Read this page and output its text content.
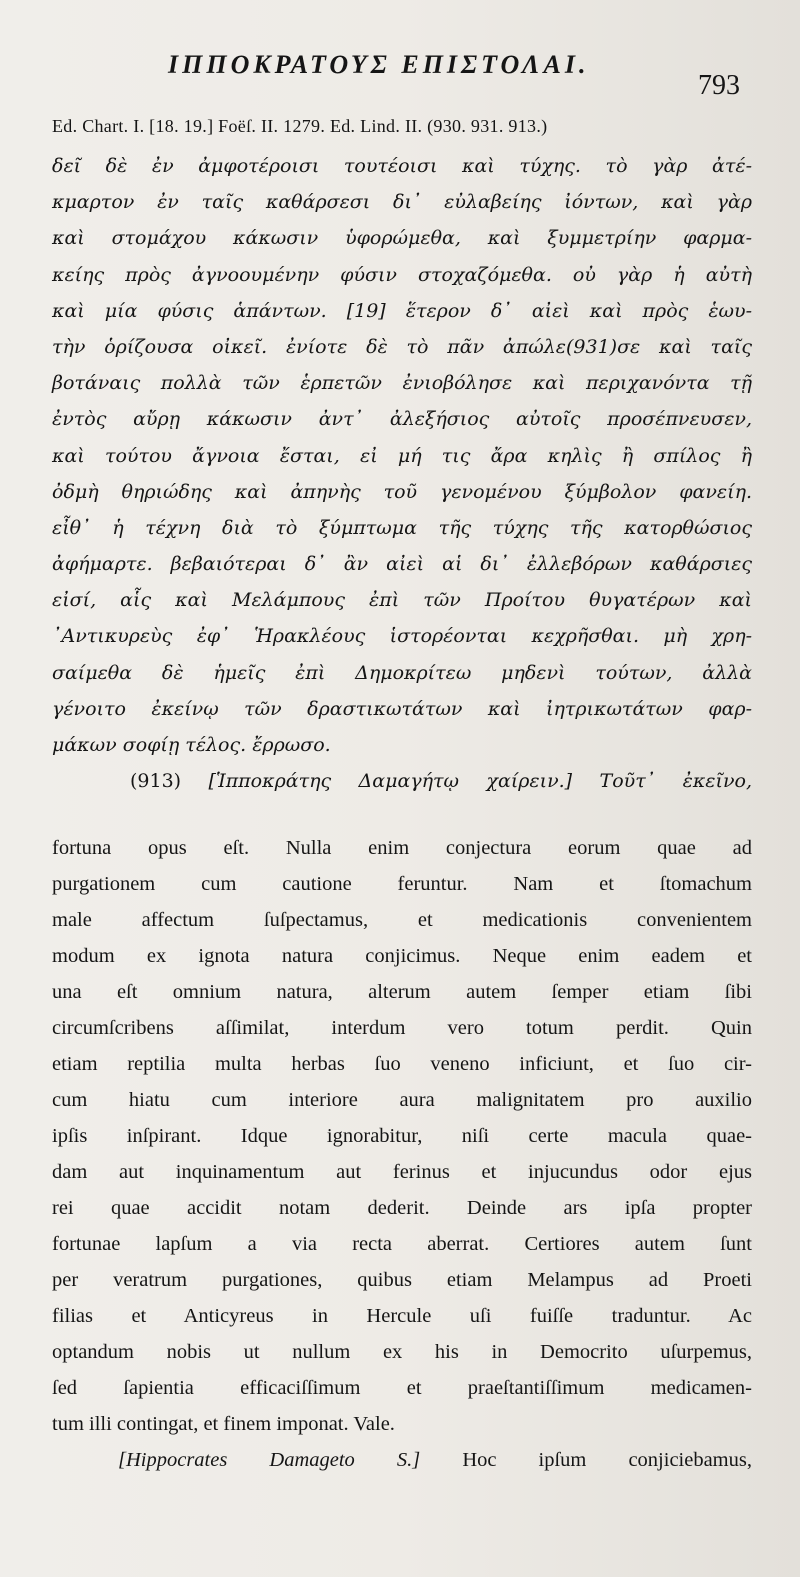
ΙΠΠΟΚΡΑΤΟΥΣ ΕΠΙΣΤΟΛΑΙ.
793
Ed. Chart. I. [18. 19.] Foëſ. II. 1279. Ed. Lind. II. (930. 931. 913.)
δεῖ δὲ ἐν ἀμφοτέροισι τουτέοισι καὶ τύχης. τὸ γὰρ ἀτέ-
κμαρτον ἐν ταῖς καθάρσεσι δι᾽ εὐλαβείης ἰόντων, καὶ γὰρ
καὶ στομάχου κάκωσιν ὑφορώμεθα, καὶ ξυμμετρίην φαρμα-
κείης πρὸς ἀγνοουμένην φύσιν στοχαζόμεθα. οὐ γὰρ ἡ αὐτὴ
καὶ μία φύσις ἁπάντων. [19] ἕτερον δ᾽ αἰεὶ καὶ πρὸς ἑωυ-
τὴν ὁρίζουσα οἰκεῖ. ἐνίοτε δὲ τὸ πᾶν ἀπώλε(931)σε καὶ ταῖς
βοτάναις πολλὰ τῶν ἑρπετῶν ἐνιοβόλησε καὶ περιχανόντα τῇ
ἐντὸς αὔρῃ κάκωσιν ἀντ᾽ ἀλεξήσιος αὐτοῖς προσέπνευσεν,
καὶ τούτου ἄγνοια ἔσται, εἰ μή τις ἄρα κηλὶς ἢ σπίλος ἢ
ὀδμὴ θηριώδης καὶ ἀπηνὴς τοῦ γενομένου ξύμβολον φανείη.
εἶθ᾽ ἡ τέχνη διὰ τὸ ξύμπτωμα τῆς τύχης τῆς κατορθώσιος
ἀφήμαρτε. βεβαιότεραι δ᾽ ἂν αἰεὶ αἱ δι᾽ ἐλλεβόρων καθάρσιες
εἰσί, αἷς καὶ Μελάμπους ἐπὶ τῶν Προίτου θυγατέρων καὶ
᾽Αντικυρεὺς ἐφ᾽ Ἡρακλέους ἱστορέονται κεχρῆσθαι. μὴ χρη-
σαίμεθα δὲ ἡμεῖς ἐπὶ Δημοκρίτεω μηδενὶ τούτων, ἀλλὰ
γένοιτο ἐκείνῳ τῶν δραστικωτάτων καὶ ἰητρικωτάτων φαρ-
μάκων σοφίῃ τέλος. ἔρρωσο.
(913) [Ἱπποκράτης Δαμαγήτῳ χαίρειν.] Τοῦτ᾽ ἐκεῖνο,
fortuna opus eſt. Nulla enim conjectura eorum quae ad
purgationem cum cautione feruntur. Nam et ſtomachum
male affectum ſuſpectamus, et medicationis convenientem
modum ex ignota natura conjicimus. Neque enim eadem et
una eſt omnium natura, alterum autem ſemper etiam ſibi
circumſcribens aſſimilat, interdum vero totum perdit. Quin
etiam reptilia multa herbas ſuo veneno inficiunt, et ſuo cir-
cum hiatu cum interiore aura malignitatem pro auxilio
ipſis inſpirant. Idque ignorabitur, niſi certe macula quae-
dam aut inquinamentum aut ferinus et injucundus odor ejus
rei quae accidit notam dederit. Deinde ars ipſa propter
fortunae lapſum a via recta aberrat. Certiores autem ſunt
per veratrum purgationes, quibus etiam Melampus ad Proeti
filias et Anticyreus in Hercule uſi fuiſſe traduntur. Ac
optandum nobis ut nullum ex his in Democrito uſurpemus,
ſed ſapientia efficaciſſimum et praeſtantiſſimum medicamen-
tum illi contingat, et finem imponat. Vale.
[Hippocrates Damageto S.] Hoc ipſum conjiciebamus,
